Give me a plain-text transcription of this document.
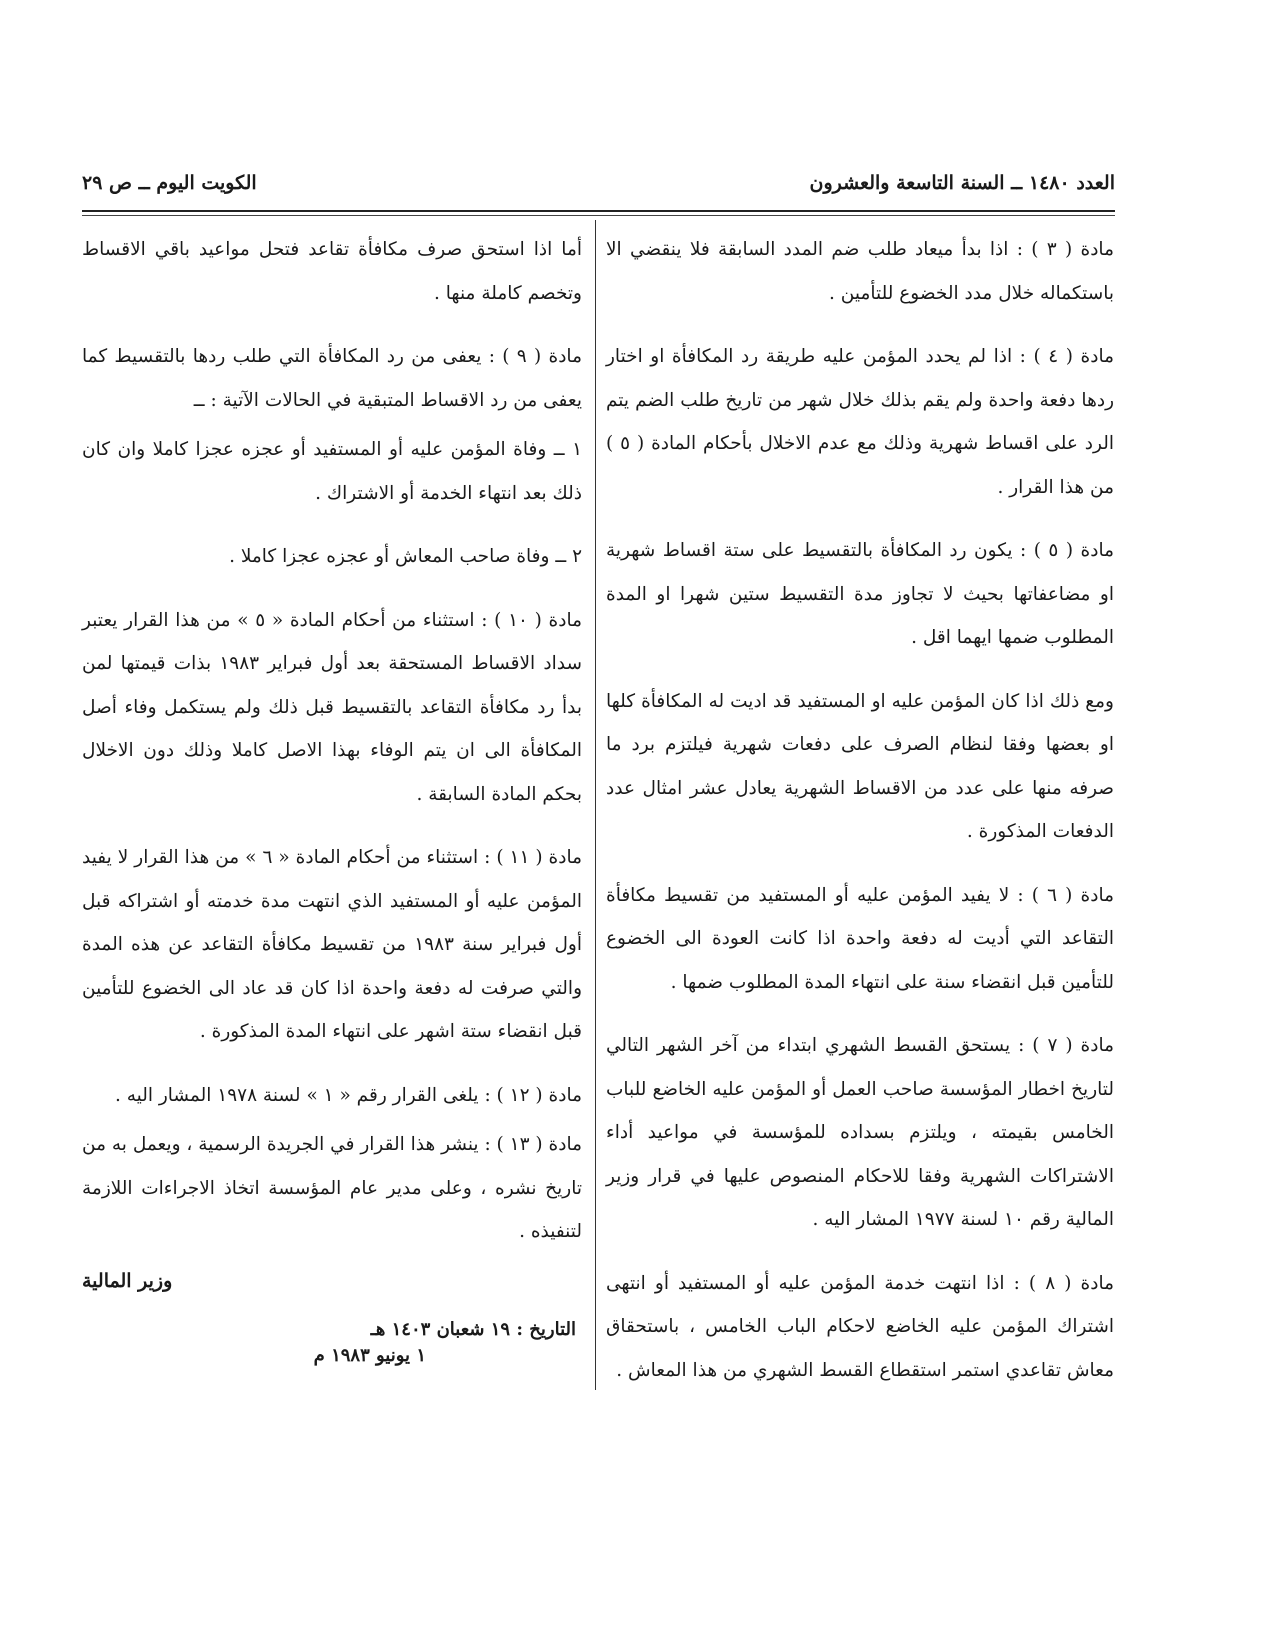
العدد ١٤٨٠ ــ السنة التاسعة والعشرون
الكويت اليوم ــ ص ٢٩

مادة ( ٣ ) : اذا بدأ ميعاد طلب ضم المدد السابقة فلا ينقضي الا باستكماله خلال مدد الخضوع للتأمين .

مادة ( ٤ ) : اذا لم يحدد المؤمن عليه طريقة رد المكافأة او اختار ردها دفعة واحدة ولم يقم بذلك خلال شهر من تاريخ طلب الضم يتم الرد على اقساط شهرية وذلك مع عدم الاخلال بأحكام المادة ( ٥ ) من هذا القرار .

مادة ( ٥ ) : يكون رد المكافأة بالتقسيط على ستة اقساط شهرية او مضاعفاتها بحيث لا تجاوز مدة التقسيط ستين شهرا او المدة المطلوب ضمها ايهما اقل .

ومع ذلك اذا كان المؤمن عليه او المستفيد قد اديت له المكافأة كلها او بعضها وفقا لنظام الصرف على دفعات شهرية فيلتزم برد ما صرفه منها على عدد من الاقساط الشهرية يعادل عشر امثال عدد الدفعات المذكورة .

مادة ( ٦ ) : لا يفيد المؤمن عليه أو المستفيد من تقسيط مكافأة التقاعد التي أديت له دفعة واحدة اذا كانت العودة الى الخضوع للتأمين قبل انقضاء سنة على انتهاء المدة المطلوب ضمها .

مادة ( ٧ ) : يستحق القسط الشهري ابتداء من آخر الشهر التالي لتاريخ اخطار المؤسسة صاحب العمل أو المؤمن عليه الخاضع للباب الخامس بقيمته ، ويلتزم بسداده للمؤسسة في مواعيد أداء الاشتراكات الشهرية وفقا للاحكام المنصوص عليها في قرار وزير المالية رقم ١٠ لسنة ١٩٧٧ المشار اليه .

مادة ( ٨ ) : اذا انتهت خدمة المؤمن عليه أو المستفيد أو انتهى اشتراك المؤمن عليه الخاضع لاحكام الباب الخامس ، باستحقاق معاش تقاعدي استمر استقطاع القسط الشهري من هذا المعاش .

أما اذا استحق صرف مكافأة تقاعد فتحل مواعيد باقي الاقساط وتخصم كاملة منها .

مادة ( ٩ ) : يعفى من رد المكافأة التي طلب ردها بالتقسيط كما يعفى من رد الاقساط المتبقية في الحالات الآتية : ــ

١ ــ وفاة المؤمن عليه أو المستفيد أو عجزه عجزا كاملا وان كان ذلك بعد انتهاء الخدمة أو الاشتراك .

٢ ــ وفاة صاحب المعاش أو عجزه عجزا كاملا .

مادة ( ١٠ ) : استثناء من أحكام المادة « ٥ » من هذا القرار يعتبر سداد الاقساط المستحقة بعد أول فبراير ١٩٨٣ بذات قيمتها لمن بدأ رد مكافأة التقاعد بالتقسيط قبل ذلك ولم يستكمل وفاء أصل المكافأة الى ان يتم الوفاء بهذا الاصل كاملا وذلك دون الاخلال بحكم المادة السابقة .

مادة ( ١١ ) : استثناء من أحكام المادة « ٦ » من هذا القرار لا يفيد المؤمن عليه أو المستفيد الذي انتهت مدة خدمته أو اشتراكه قبل أول فبراير سنة ١٩٨٣ من تقسيط مكافأة التقاعد عن هذه المدة والتي صرفت له دفعة واحدة اذا كان قد عاد الى الخضوع للتأمين قبل انقضاء ستة اشهر على انتهاء المدة المذكورة .

مادة ( ١٢ ) : يلغى القرار رقم « ١ » لسنة ١٩٧٨ المشار اليه .

مادة ( ١٣ ) : ينشر هذا القرار في الجريدة الرسمية ، ويعمل به من تاريخ نشره ، وعلى مدير عام المؤسسة اتخاذ الاجراءات اللازمة لتنفيذه .

وزير المالية
التاريخ : ١٩ شعبان ١٤٠٣ هـ
١ يونيو ١٩٨٣ م
